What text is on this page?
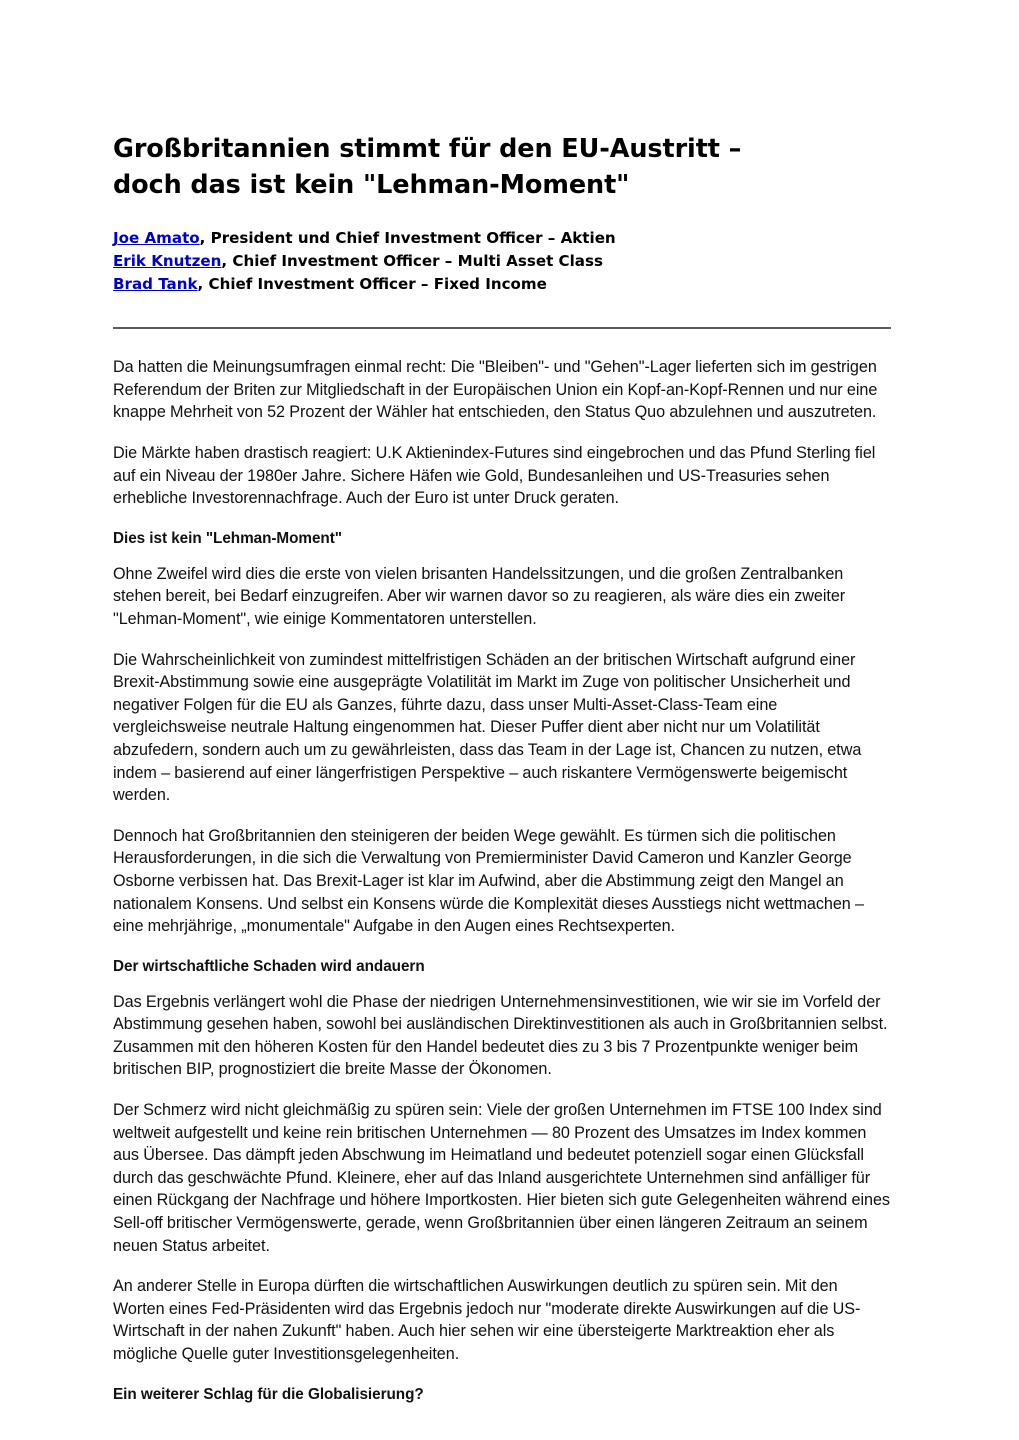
Großbritannien stimmt für den EU-Austritt –
doch das ist kein "Lehman-Moment"
Joe Amato, President und Chief Investment Officer – Aktien
Erik Knutzen, Chief Investment Officer – Multi Asset Class
Brad Tank, Chief Investment Officer – Fixed Income

Da hatten die Meinungsumfragen einmal recht: Die "Bleiben"- und "Gehen"-Lager lieferten sich im gestrigen Referendum der Briten zur Mitgliedschaft in der Europäischen Union ein Kopf-an-Kopf-Rennen und nur eine knappe Mehrheit von 52 Prozent der Wähler hat entschieden, den Status Quo abzulehnen und auszutreten.

Die Märkte haben drastisch reagiert: U.K Aktienindex-Futures sind eingebrochen und das Pfund Sterling fiel auf ein Niveau der 1980er Jahre. Sichere Häfen wie Gold, Bundesanleihen und US-Treasuries sehen erhebliche Investorennachfrage. Auch der Euro ist unter Druck geraten.

Dies ist kein "Lehman-Moment"

Ohne Zweifel wird dies die erste von vielen brisanten Handelssitzungen, und die großen Zentralbanken stehen bereit, bei Bedarf einzugreifen. Aber wir warnen davor so zu reagieren, als wäre dies ein zweiter "Lehman-Moment", wie einige Kommentatoren unterstellen.

Die Wahrscheinlichkeit von zumindest mittelfristigen Schäden an der britischen Wirtschaft aufgrund einer Brexit-Abstimmung sowie eine ausgeprägte Volatilität im Markt im Zuge von politischer Unsicherheit und negativer Folgen für die EU als Ganzes, führte dazu, dass unser Multi-Asset-Class-Team eine vergleichsweise neutrale Haltung eingenommen hat. Dieser Puffer dient aber nicht nur um Volatilität abzufedern, sondern auch um zu gewährleisten, dass das Team in der Lage ist, Chancen zu nutzen, etwa indem – basierend auf einer längerfristigen Perspektive – auch riskantere Vermögenswerte beigemischt werden.

Dennoch hat Großbritannien den steinigeren der beiden Wege gewählt. Es türmen sich die politischen Herausforderungen, in die sich die Verwaltung von Premierminister David Cameron und Kanzler George Osborne verbissen hat. Das Brexit-Lager ist klar im Aufwind, aber die Abstimmung zeigt den Mangel an nationalem Konsens. Und selbst ein Konsens würde die Komplexität dieses Ausstiegs nicht wettmachen – eine mehrjährige, „monumentale" Aufgabe in den Augen eines Rechtsexperten.

Der wirtschaftliche Schaden wird andauern

Das Ergebnis verlängert wohl die Phase der niedrigen Unternehmensinvestitionen, wie wir sie im Vorfeld der Abstimmung gesehen haben, sowohl bei ausländischen Direktinvestitionen als auch in Großbritannien selbst. Zusammen mit den höheren Kosten für den Handel bedeutet dies zu 3 bis 7 Prozentpunkte weniger beim britischen BIP, prognostiziert die breite Masse der Ökonomen.

Der Schmerz wird nicht gleichmäßig zu spüren sein: Viele der großen Unternehmen im FTSE 100 Index sind weltweit aufgestellt und keine rein britischen Unternehmen — 80 Prozent des Umsatzes im Index kommen aus Übersee. Das dämpft jeden Abschwung im Heimatland und bedeutet potenziell sogar einen Glücksfall durch das geschwächte Pfund. Kleinere, eher auf das Inland ausgerichtete Unternehmen sind anfälliger für einen Rückgang der Nachfrage und höhere Importkosten. Hier bieten sich gute Gelegenheiten während eines Sell-off britischer Vermögenswerte, gerade, wenn Großbritannien über einen längeren Zeitraum an seinem neuen Status arbeitet.

An anderer Stelle in Europa dürften die wirtschaftlichen Auswirkungen deutlich zu spüren sein. Mit den Worten eines Fed-Präsidenten wird das Ergebnis jedoch nur "moderate direkte Auswirkungen auf die US-Wirtschaft in der nahen Zukunft" haben. Auch hier sehen wir eine übersteigerte Marktreaktion eher als mögliche Quelle guter Investitionsgelegenheiten.

Ein weiterer Schlag für die Globalisierung?
